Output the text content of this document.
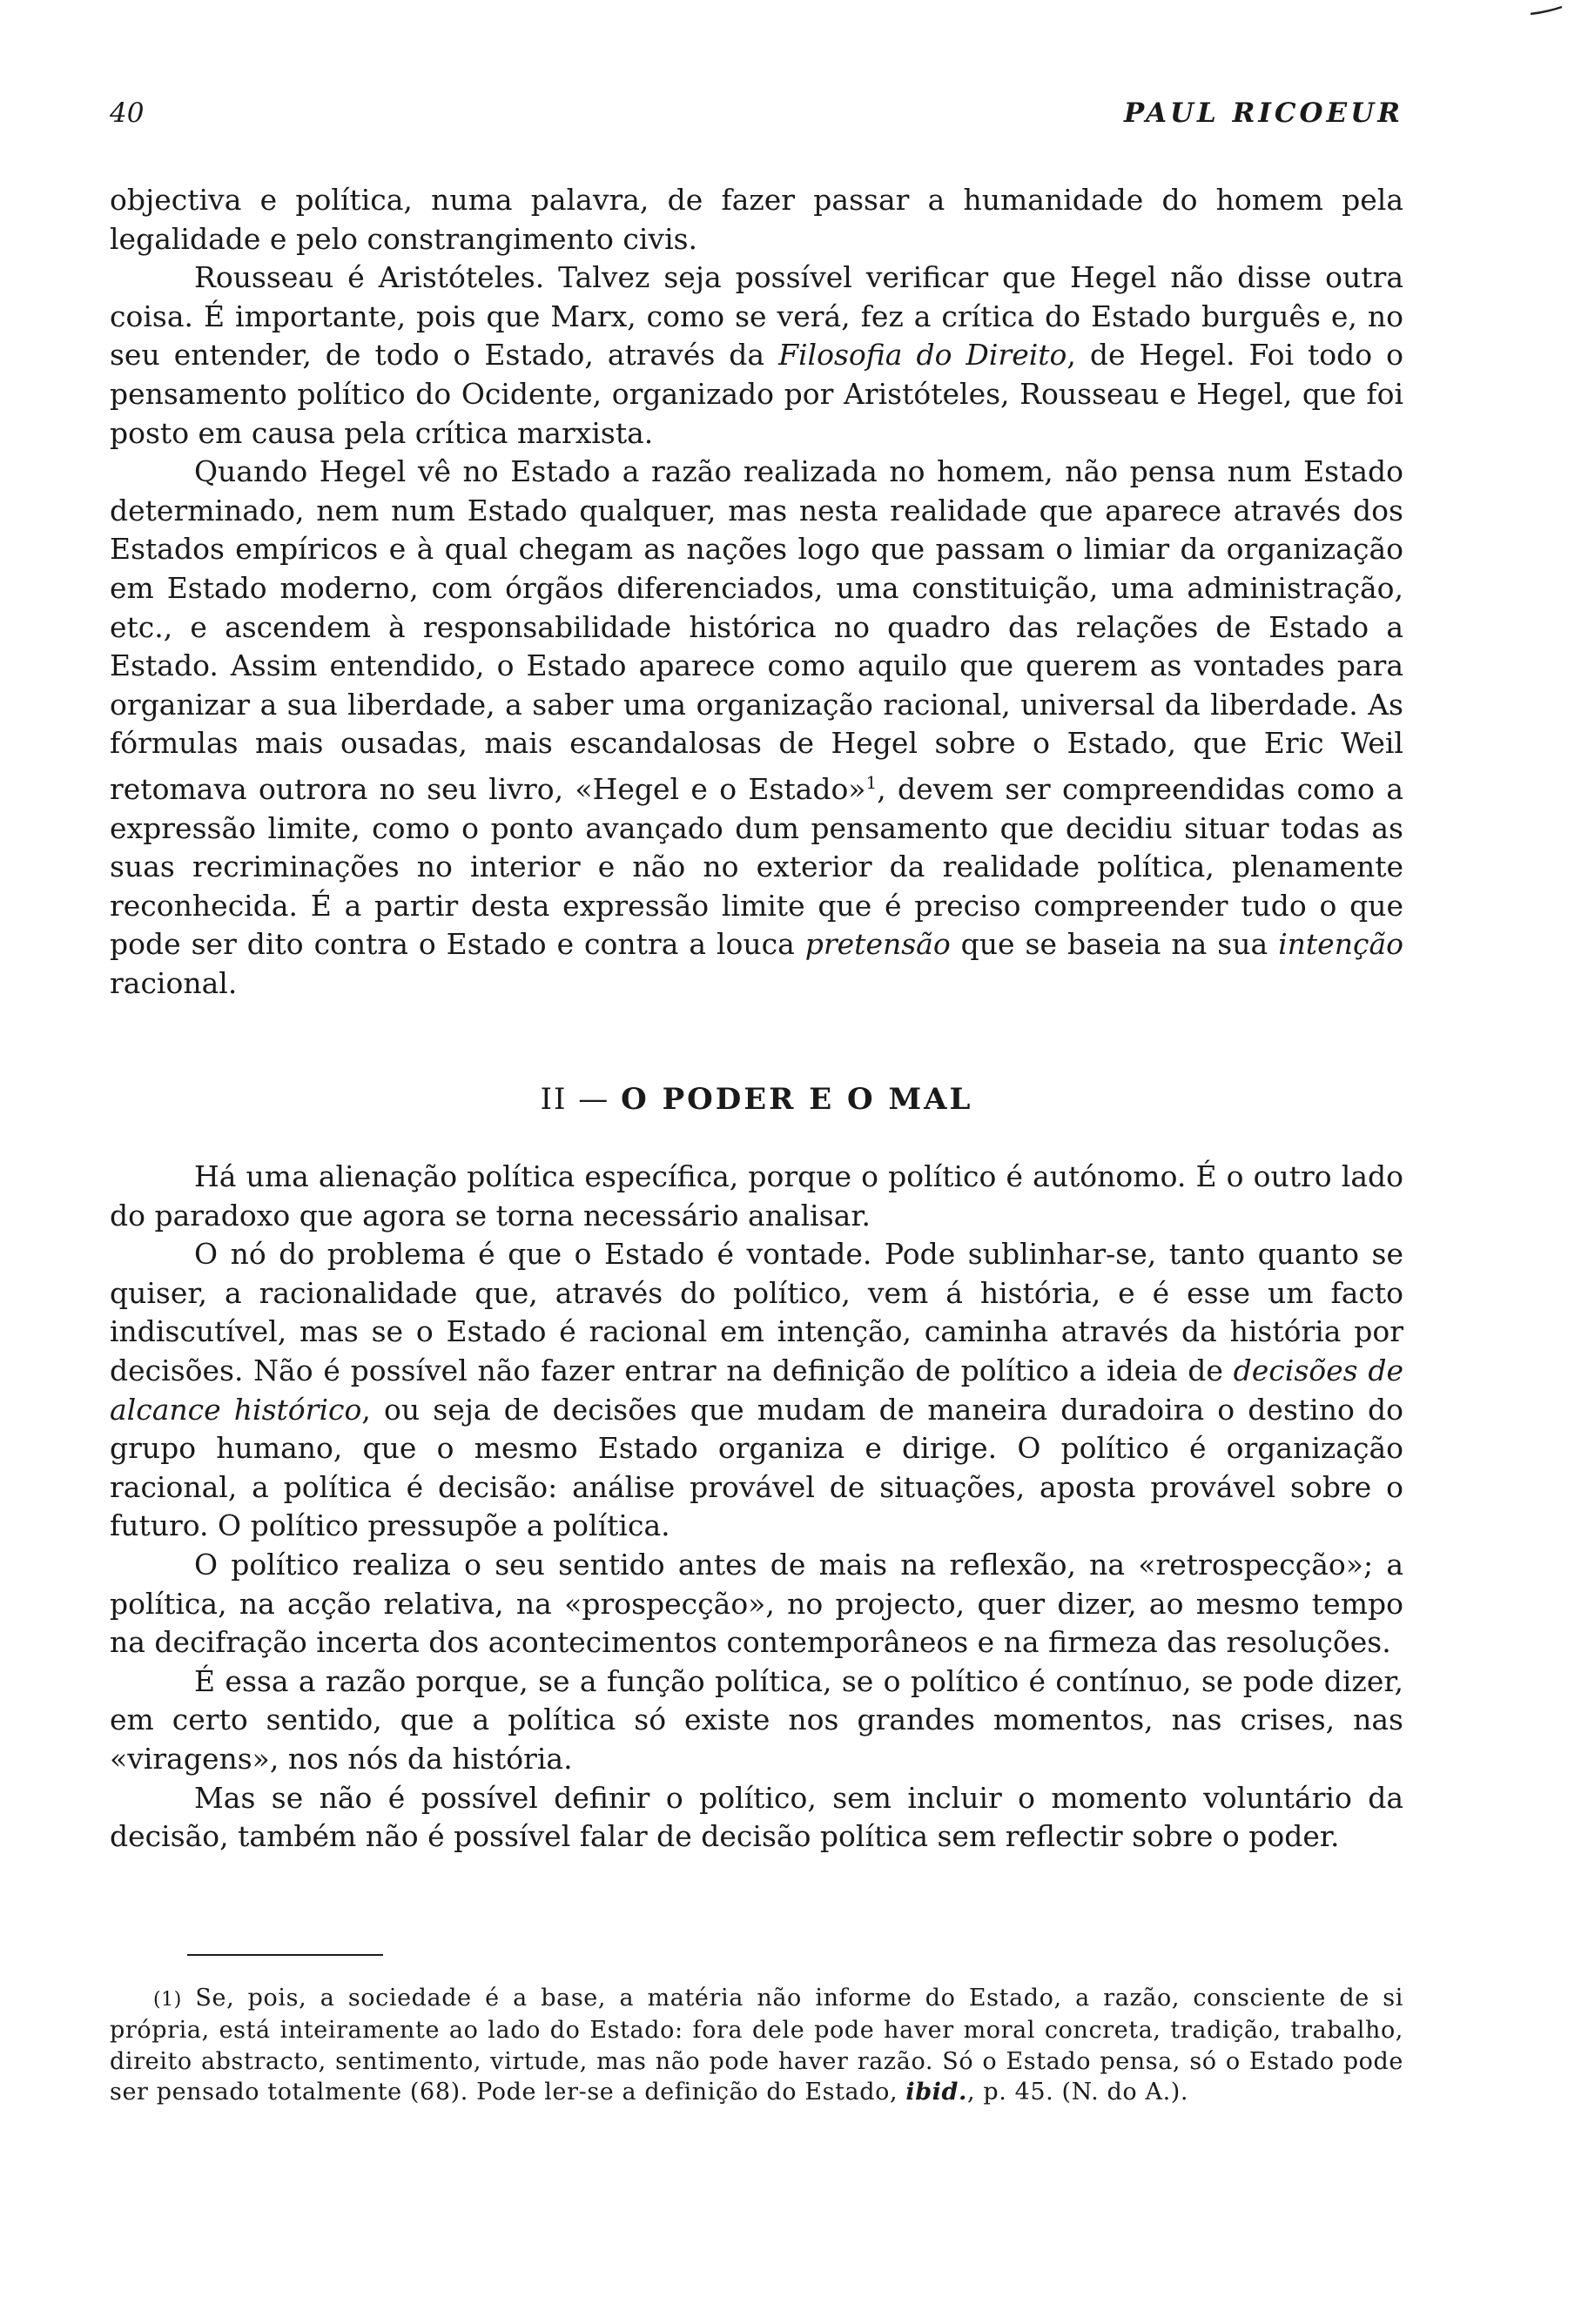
40	PAUL RICOEUR

objectiva e política, numa palavra, de fazer passar a humanidade do homem pela legalidade e pelo constrangimento civis.

Rousseau é Aristóteles. Talvez seja possível verificar que Hegel não disse outra coisa. É importante, pois que Marx, como se verá, fez a crítica do Estado burguês e, no seu entender, de todo o Estado, através da Filosofia do Direito, de Hegel. Foi todo o pensamento político do Ocidente, organizado por Aristóteles, Rousseau e Hegel, que foi posto em causa pela crítica marxista.

Quando Hegel vê no Estado a razão realizada no homem, não pensa num Estado determinado, nem num Estado qualquer, mas nesta realidade que aparece através dos Estados empíricos e à qual chegam as nações logo que passam o limiar da organização em Estado moderno, com órgãos diferenciados, uma constituição, uma administração, etc., e ascendem à responsabilidade histórica no quadro das relações de Estado a Estado. Assim entendido, o Estado aparece como aquilo que querem as vontades para organizar a sua liberdade, a saber uma organização racional, universal da liberdade. As fórmulas mais ousadas, mais escandalosas de Hegel sobre o Estado, que Eric Weil retomava outrora no seu livro, «Hegel e o Estado»$^1$, devem ser compreendidas como a expressão limite, como o ponto avançado dum pensamento que decidiu situar todas as suas recriminações no interior e não no exterior da realidade política, plenamente reconhecida. É a partir desta expressão limite que é preciso compreender tudo o que pode ser dito contra o Estado e contra a louca pretensão que se baseia na sua intenção racional.

II — O PODER E O MAL

Há uma alienação política específica, porque o político é autónomo. É o outro lado do paradoxo que agora se torna necessário analisar.

O nó do problema é que o Estado é vontade. Pode sublinhar-se, tanto quanto se quiser, a racionalidade que, através do político, vem á história, e é esse um facto indiscutível, mas se o Estado é racional em intenção, caminha através da história por decisões. Não é possível não fazer entrar na definição de político a ideia de decisões de alcance histórico, ou seja de decisões que mudam de maneira duradoira o destino do grupo humano, que o mesmo Estado organiza e dirige. O político é organização racional, a política é decisão: análise provável de situações, aposta provável sobre o futuro. O político pressupõe a política.

O político realiza o seu sentido antes de mais na reflexão, na «retrospecção»; a política, na acção relativa, na «prospecção», no projecto, quer dizer, ao mesmo tempo na decifração incerta dos acontecimentos contemporâneos e na firmeza das resoluções.

É essa a razão porque, se a função política, se o político é contínuo, se pode dizer, em certo sentido, que a política só existe nos grandes momentos, nas crises, nas «viragens», nos nós da história.

Mas se não é possível definir o político, sem incluir o momento voluntário da decisão, também não é possível falar de decisão política sem reflectir sobre o poder.

(1) Se, pois, a sociedade é a base, a matéria não informe do Estado, a razão, consciente de si própria, está inteiramente ao lado do Estado: fora dele pode haver moral concreta, tradição, trabalho, direito abstracto, sentimento, virtude, mas não pode haver razão. Só o Estado pensa, só o Estado pode ser pensado totalmente (68). Pode ler-se a definição do Estado, ibid., p. 45. (N. do A.).
